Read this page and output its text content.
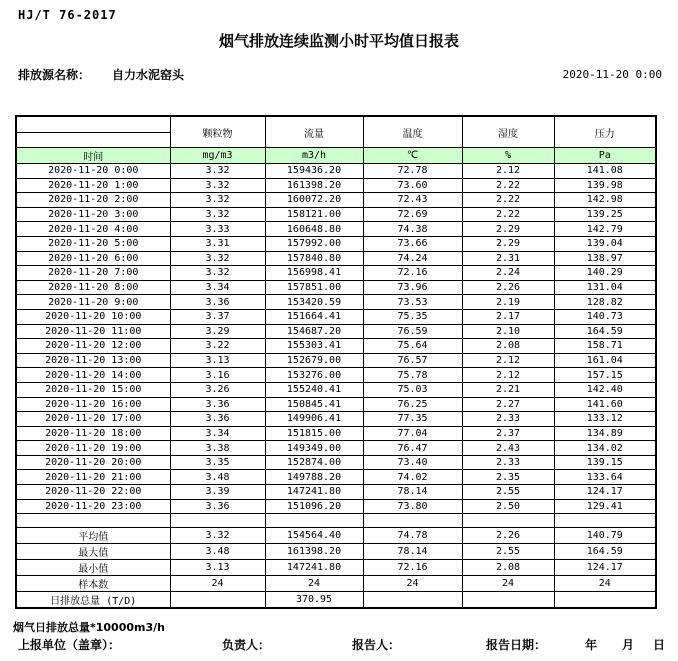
HJ/T 76-2017
烟气排放连续监测小时平均值日报表
排放源名称： 自力水泥窑头	2020-11-20 0:00
	颗粒物	流量	温度	湿度	压力

时间	mg/m3	m3/h	℃	%	Pa
2020-11-20 0:00	3.32	159436.20	72.78	2.12	141.08
2020-11-20 1:00	3.32	161398.20	73.60	2.22	139.98
2020-11-20 2:00	3.32	160072.20	72.43	2.22	142.98
2020-11-20 3:00	3.32	158121.00	72.69	2.22	139.25
2020-11-20 4:00	3.33	160648.80	74.38	2.29	142.79
2020-11-20 5:00	3.31	157992.00	73.66	2.29	139.04
2020-11-20 6:00	3.32	157840.80	74.24	2.31	138.97
2020-11-20 7:00	3.32	156998.41	72.16	2.24	140.29
2020-11-20 8:00	3.34	157851.00	73.96	2.26	131.04
2020-11-20 9:00	3.36	153420.59	73.53	2.19	128.82
2020-11-20 10:00	3.37	151664.41	75.35	2.17	140.73
2020-11-20 11:00	3.29	154687.20	76.59	2.10	164.59
2020-11-20 12:00	3.22	155303.41	75.64	2.08	158.71
2020-11-20 13:00	3.13	152679.00	76.57	2.12	161.04
2020-11-20 14:00	3.16	153276.00	75.78	2.12	157.15
2020-11-20 15:00	3.26	155240.41	75.03	2.21	142.40
2020-11-20 16:00	3.36	150845.41	76.25	2.27	141.60
2020-11-20 17:00	3.36	149906.41	77.35	2.33	133.12
2020-11-20 18:00	3.34	151815.00	77.04	2.37	134.89
2020-11-20 19:00	3.38	149349.00	76.47	2.43	134.02
2020-11-20 20:00	3.35	152874.00	73.40	2.33	139.15
2020-11-20 21:00	3.48	149788.20	74.02	2.35	133.64
2020-11-20 22:00	3.39	147241.80	78.14	2.55	124.17
2020-11-20 23:00	3.36	151096.20	73.80	2.50	129.41

平均值	3.32	154564.40	74.78	2.26	140.79
最大值	3.48	161398.20	78.14	2.55	164.59
最小值	3.13	147241.80	72.16	2.08	124.17
样本数	24	24	24	24	24
日排放总量 (T/D)		370.95			
烟气日排放总量*10000m3/h
上报单位（盖章）：	负责人：	报告人：	报告日期：	年 月 日
